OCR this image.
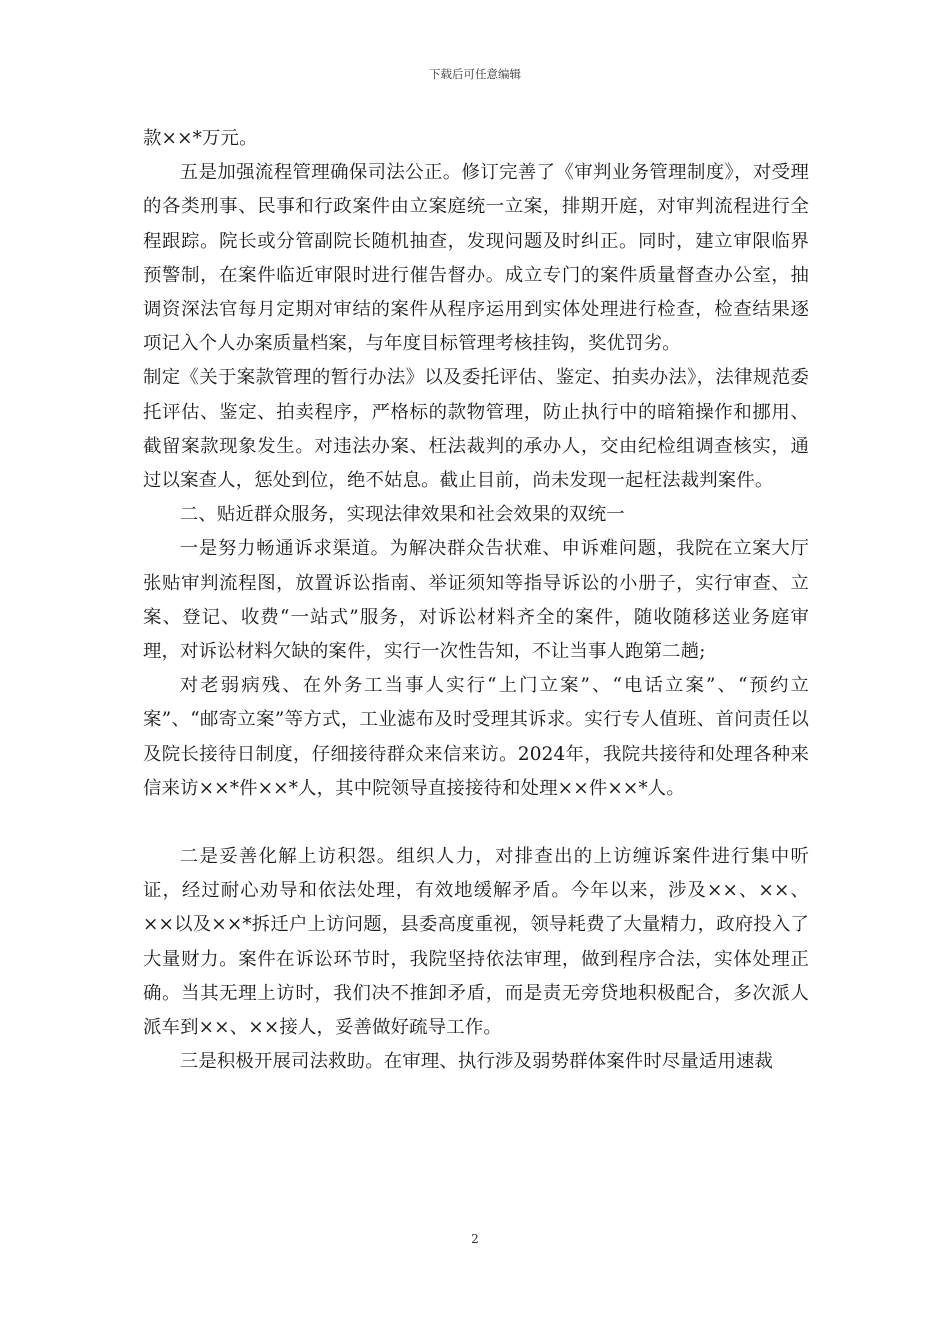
下载后可任意编辑

款××*万元。

五是加强流程管理确保司法公正。修订完善了《审判业务管理制度》，对受理的各类刑事、民事和行政案件由立案庭统一立案，排期开庭，对审判流程进行全程跟踪。院长或分管副院长随机抽查，发现问题及时纠正。同时，建立审限临界预警制，在案件临近审限时进行催告督办。成立专门的案件质量督查办公室，抽调资深法官每月定期对审结的案件从程序运用到实体处理进行检查，检查结果逐项记入个人办案质量档案，与年度目标管理考核挂钩，奖优罚劣。

制定《关于案款管理的暂行办法》以及委托评估、鉴定、拍卖办法》，法律规范委托评估、鉴定、拍卖程序，严格标的款物管理，防止执行中的暗箱操作和挪用、截留案款现象发生。对违法办案、枉法裁判的承办人，交由纪检组调查核实，通过以案查人，惩处到位，绝不姑息。截止目前，尚未发现一起枉法裁判案件。

二、贴近群众服务，实现法律效果和社会效果的双统一

一是努力畅通诉求渠道。为解决群众告状难、申诉难问题，我院在立案大厅张贴审判流程图，放置诉讼指南、举证须知等指导诉讼的小册子，实行审查、立案、登记、收费“一站式”服务，对诉讼材料齐全的案件，随收随移送业务庭审理，对诉讼材料欠缺的案件，实行一次性告知，不让当事人跑第二趟;

对老弱病残、在外务工当事人实行“上门立案”、“电话立案”、“预约立案”、“邮寄立案”等方式，工业滤布及时受理其诉求。实行专人值班、首问责任以及院长接待日制度，仔细接待群众来信来访。2024年，我院共接待和处理各种来信来访××*件××*人，其中院领导直接接待和处理××件××*人。

二是妥善化解上访积怨。组织人力，对排查出的上访缠诉案件进行集中听证，经过耐心劝导和依法处理，有效地缓解矛盾。今年以来，涉及××、××、××以及××*拆迁户上访问题，县委高度重视，领导耗费了大量精力，政府投入了大量财力。案件在诉讼环节时，我院坚持依法审理，做到程序合法，实体处理正确。当其无理上访时，我们决不推卸矛盾，而是责无旁贷地积极配合，多次派人派车到××、××接人，妥善做好疏导工作。

三是积极开展司法救助。在审理、执行涉及弱势群体案件时尽量适用速裁

2
